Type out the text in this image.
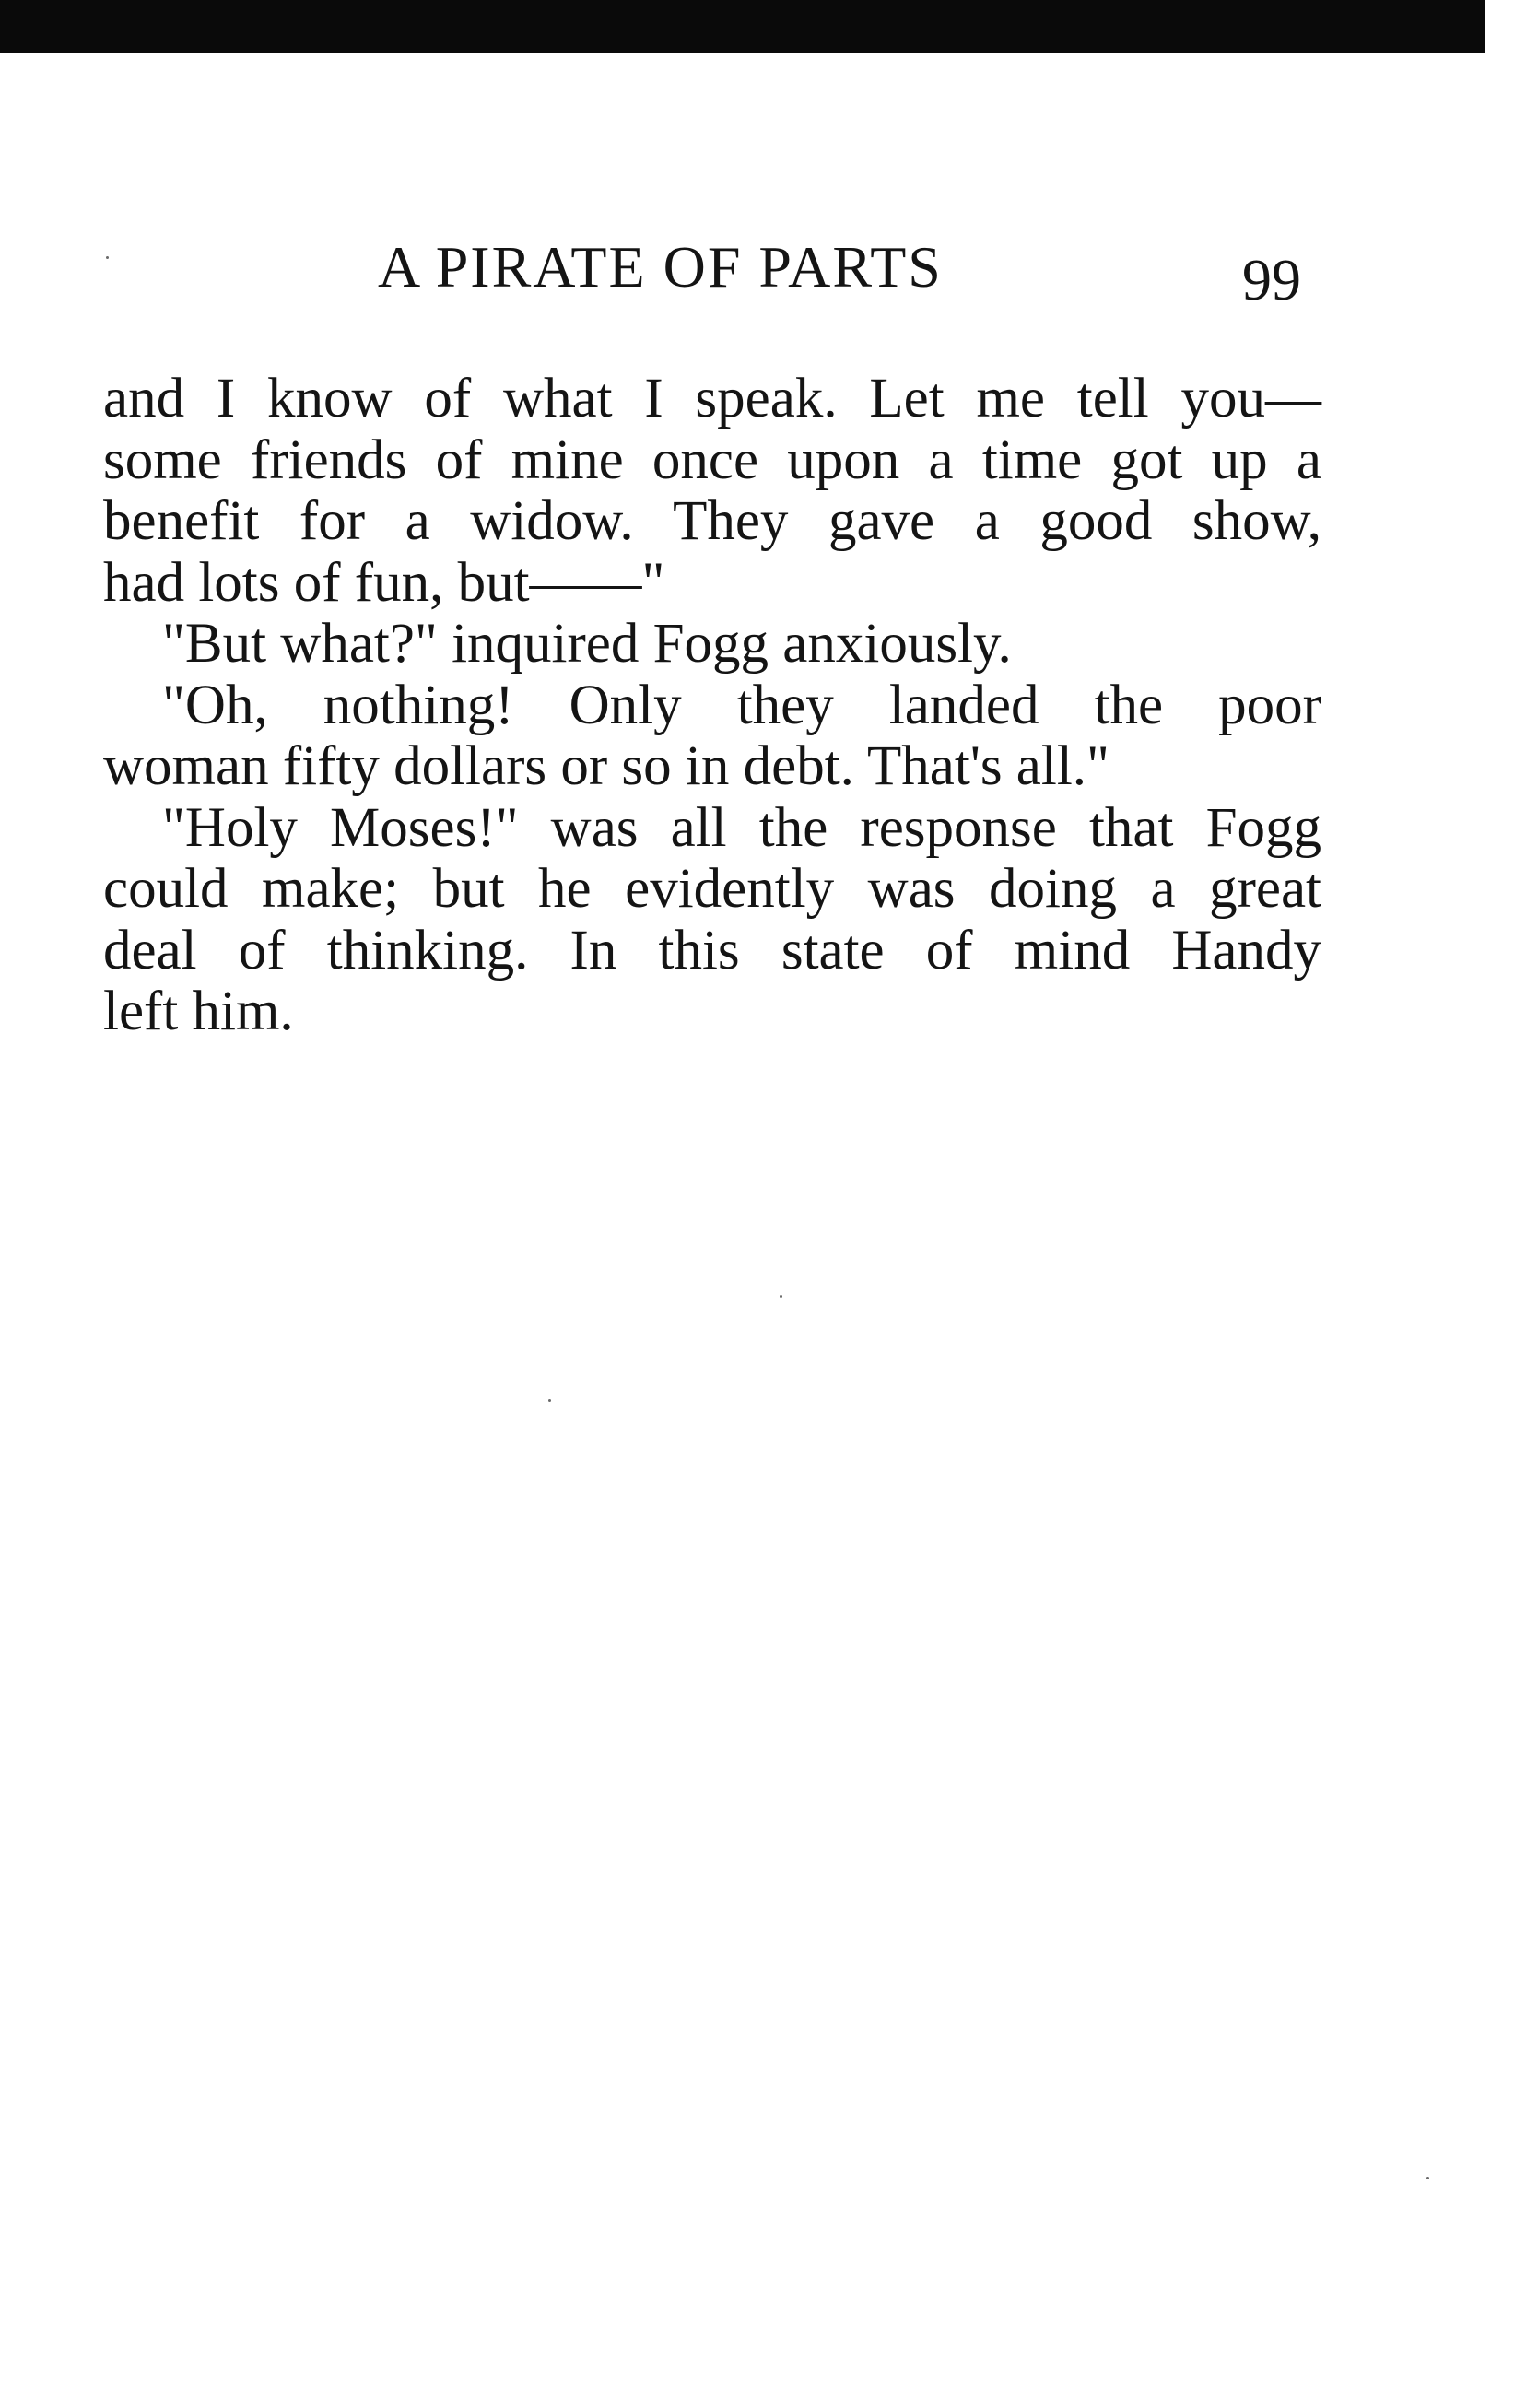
A PIRATE OF PARTS	99
and I know of what I speak. Let me tell you—
some friends of mine once upon a time got up a
benefit for a widow. They gave a good show,
had lots of fun, but——"
"But what?" inquired Fogg anxiously.
"Oh, nothing! Only they landed the poor
woman fifty dollars or so in debt. That's all."
"Holy Moses!" was all the response that Fogg
could make; but he evidently was doing a great
deal of thinking. In this state of mind Handy
left him.
